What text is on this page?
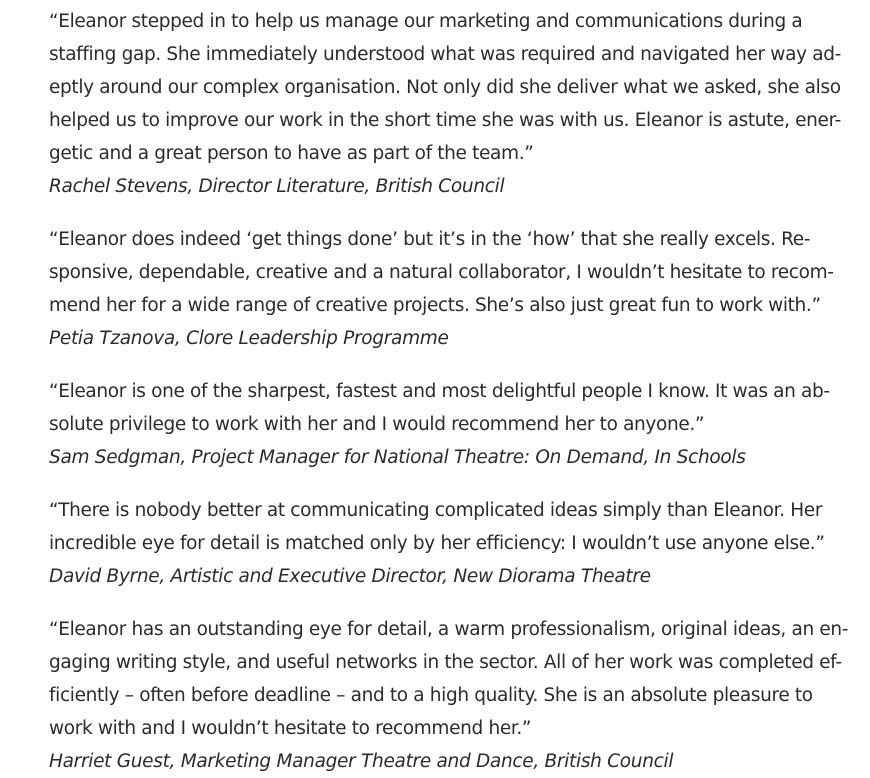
“Eleanor stepped in to help us manage our marketing and communications during a
staffing gap. She immediately understood what was required and navigated her way ad-
eptly around our complex organisation. Not only did she deliver what we asked, she also
helped us to improve our work in the short time she was with us. Eleanor is astute, ener-
getic and a great person to have as part of the team.”
Rachel Stevens, Director Literature, British Council
“Eleanor does indeed ‘get things done’ but it’s in the ‘how’ that she really excels. Re-
sponsive, dependable, creative and a natural collaborator, I wouldn’t hesitate to recom-
mend her for a wide range of creative projects. She’s also just great fun to work with.”
Petia Tzanova, Clore Leadership Programme
“Eleanor is one of the sharpest, fastest and most delightful people I know. It was an ab-
solute privilege to work with her and I would recommend her to anyone.”
Sam Sedgman, Project Manager for National Theatre: On Demand, In Schools
“There is nobody better at communicating complicated ideas simply than Eleanor. Her
incredible eye for detail is matched only by her efficiency: I wouldn’t use anyone else.”
David Byrne, Artistic and Executive Director, New Diorama Theatre
“Eleanor has an outstanding eye for detail, a warm professionalism, original ideas, an en-
gaging writing style, and useful networks in the sector. All of her work was completed ef-
ficiently – often before deadline – and to a high quality. She is an absolute pleasure to
work with and I wouldn’t hesitate to recommend her.”
Harriet Guest, Marketing Manager Theatre and Dance, British Council
